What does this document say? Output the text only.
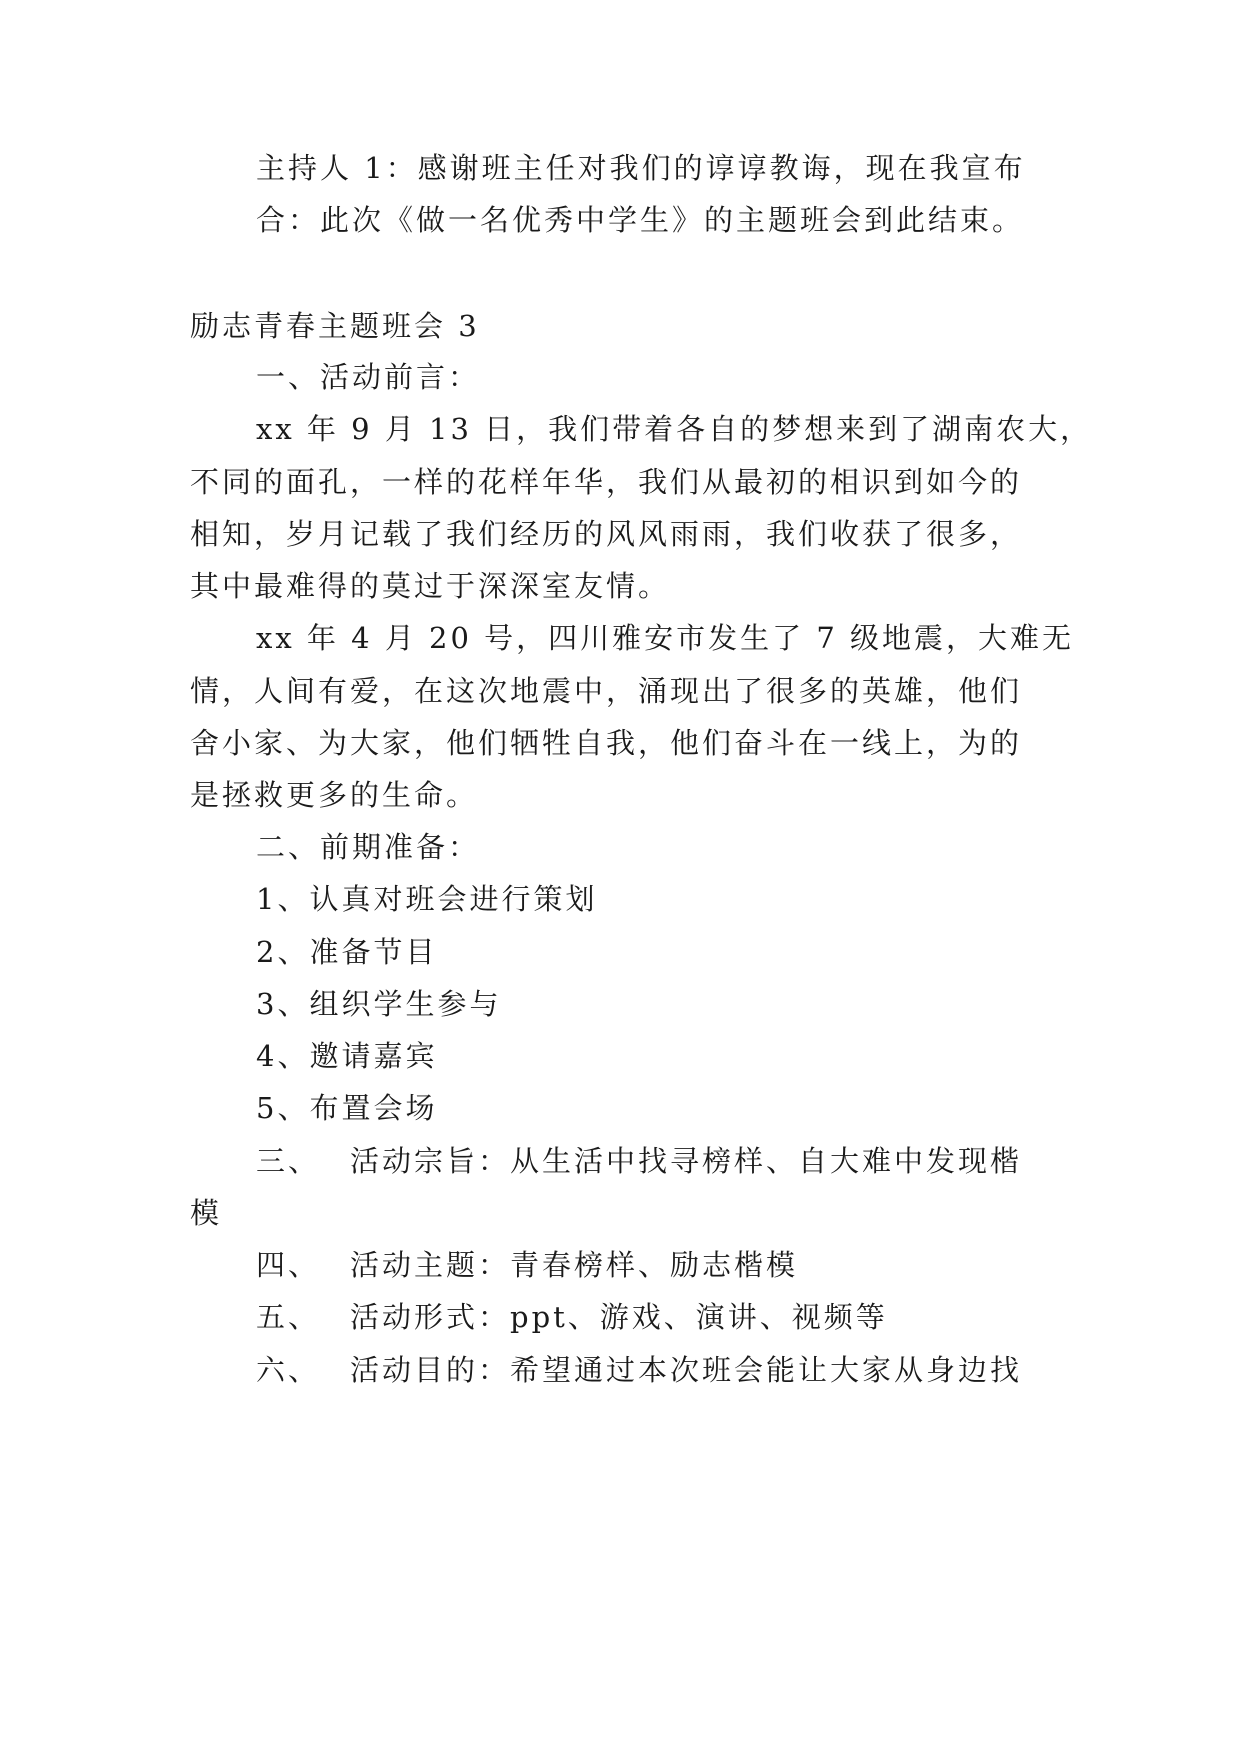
主持人 1：感谢班主任对我们的谆谆教诲，现在我宣布
合：此次《做一名优秀中学生》的主题班会到此结束。
励志青春主题班会 3
一、活动前言：
xx 年 9 月 13 日，我们带着各自的梦想来到了湖南农大，
不同的面孔，一样的花样年华，我们从最初的相识到如今的
相知，岁月记载了我们经历的风风雨雨，我们收获了很多，
其中最难得的莫过于深深室友情。
xx 年 4 月 20 号，四川雅安市发生了 7 级地震，大难无
情，人间有爱，在这次地震中，涌现出了很多的英雄，他们
舍小家、为大家，他们牺牲自我，他们奋斗在一线上，为的
是拯救更多的生命。
二、前期准备：
1、认真对班会进行策划
2、准备节目
3、组织学生参与
4、邀请嘉宾
5、布置会场
三、 活动宗旨：从生活中找寻榜样、自大难中发现楷
模
四、 活动主题：青春榜样、励志楷模
五、 活动形式：ppt、游戏、演讲、视频等
六、 活动目的：希望通过本次班会能让大家从身边找
